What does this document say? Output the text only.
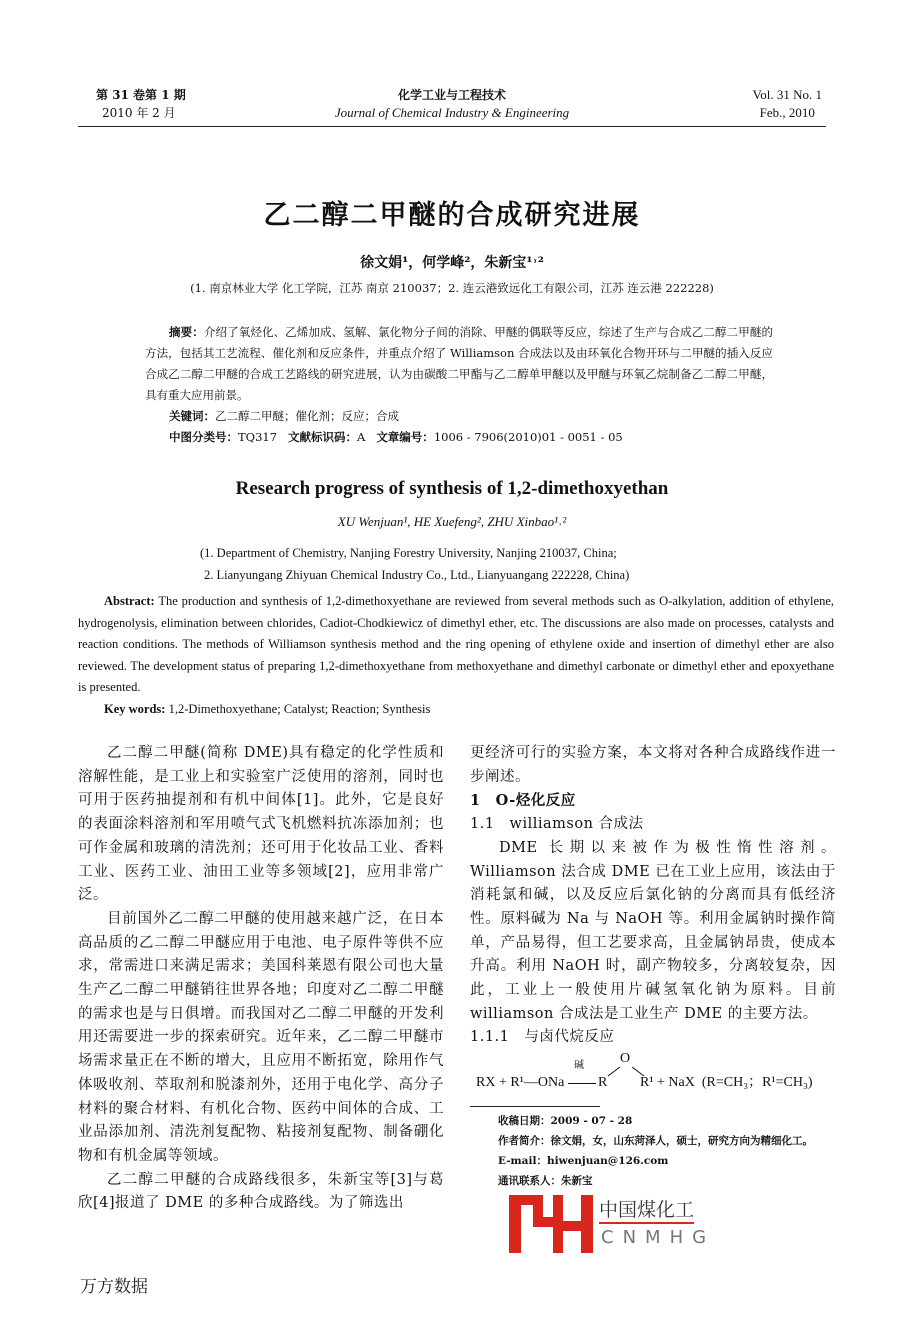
第 31 卷第 1 期
2010 年 2 月
化学工业与工程技术
Journal of Chemical Industry & Engineering
Vol. 31 No. 1
Feb., 2010
乙二醇二甲醚的合成研究进展
徐文娟¹，何学峰²，朱新宝¹˒²
(1. 南京林业大学 化工学院，江苏 南京 210037；2. 连云港致远化工有限公司，江苏 连云港 222228)
摘要：介绍了氧烃化、乙烯加成、氢解、氯化物分子间的消除、甲醚的偶联等反应，综述了生产与合成乙二醇二甲醚的方法，包括其工艺流程、催化剂和反应条件，并重点介绍了 Williamson 合成法以及由环氧化合物开环与二甲醚的插入反应合成乙二醇二甲醚的合成工艺路线的研究进展，认为由碳酸二甲酯与乙二醇单甲醚以及甲醚与环氧乙烷制备乙二醇二甲醚，具有重大应用前景。
关键词：乙二醇二甲醚；催化剂；反应；合成
中图分类号：TQ317 文献标识码：A 文章编号：1006 - 7906(2010)01 - 0051 - 05
Research progress of synthesis of 1,2-dimethoxyethan
XU Wenjuan¹, HE Xuefeng², ZHU Xinbao¹˒²
(1. Department of Chemistry, Nanjing Forestry University, Nanjing 210037, China;
2. Lianyungang Zhiyuan Chemical Industry Co., Ltd., Lianyuangang 222228, China)
Abstract: The production and synthesis of 1,2-dimethoxyethane are reviewed from several methods such as O-alkylation, addition of ethylene, hydrogenolysis, elimination between chlorides, Cadiot-Chodkiewicz of dimethyl ether, etc. The discussions are also made on processes, catalysts and reaction conditions. The methods of Williamson synthesis method and the ring opening of ethylene oxide and insertion of dimethyl ether are also reviewed. The development status of preparing 1,2-dimethoxyethane from methoxyethane and dimethyl carbonate or dimethyl ether and epoxyethane is presented.
Key words: 1,2-Dimethoxyethane; Catalyst; Reaction; Synthesis

乙二醇二甲醚(简称 DME)具有稳定的化学性质和溶解性能，是工业上和实验室广泛使用的溶剂，同时也可用于医药抽提剂和有机中间体[1]。此外，它是良好的表面涂料溶剂和军用喷气式飞机燃料抗冻添加剂；也可作金属和玻璃的清洗剂；还可用于化妆品工业、香料工业、医药工业、油田工业等多领域[2]，应用非常广泛。

目前国外乙二醇二甲醚的使用越来越广泛，在日本高品质的乙二醇二甲醚应用于电池、电子原件等供不应求，常需进口来满足需求；美国科莱恩有限公司也大量生产乙二醇二甲醚销往世界各地；印度对乙二醇二甲醚的需求也是与日俱增。而我国对乙二醇二甲醚的开发利用还需要进一步的探索研究。近年来，乙二醇二甲醚市场需求量正在不断的增大，且应用不断拓宽，除用作气体吸收剂、萃取剂和脱漆剂外，还用于电化学、高分子材料的聚合材料、有机化合物、医药中间体的合成、工业品添加剂、清洗剂复配物、粘接剂复配物、制备硼化物和有机金属等领域。

乙二醇二甲醚的合成路线很多，朱新宝等[3]与葛欣[4]报道了 DME 的多种合成路线。为了筛选出

更经济可行的实验方案，本文将对各种合成路线作进一步阐述。

1　O-烃化反应

1.1　williamson 合成法

DME 长期以来被作为极性惰性溶剂。Williamson 法合成 DME 已在工业上应用，该法由于消耗氯和碱，以及反应后氯化钠的分离而具有低经济性。原料碱为 Na 与 NaOH 等。利用金属钠时操作简单，产品易得，但工艺要求高，且金属钠昂贵，使成本升高。利用 NaOH 时，副产物较多，分离较复杂，因此，工业上一般使用片碱氢氧化钠为原料。目前 williamson 合成法是工业生产 DME 的主要方法。

1.1.1　与卤代烷反应

RX + R¹—ONa
碱
R
O
R¹ + NaX  (R=CH₃；R¹=CH₃)
收稿日期：2009 - 07 - 28
作者简介：徐文娟，女，山东菏泽人，硕士，研究方向为精细化工。
E-mail：hiwenjuan@126.com
通讯联系人：朱新宝
中国煤化工
CNMHG
万方数据
